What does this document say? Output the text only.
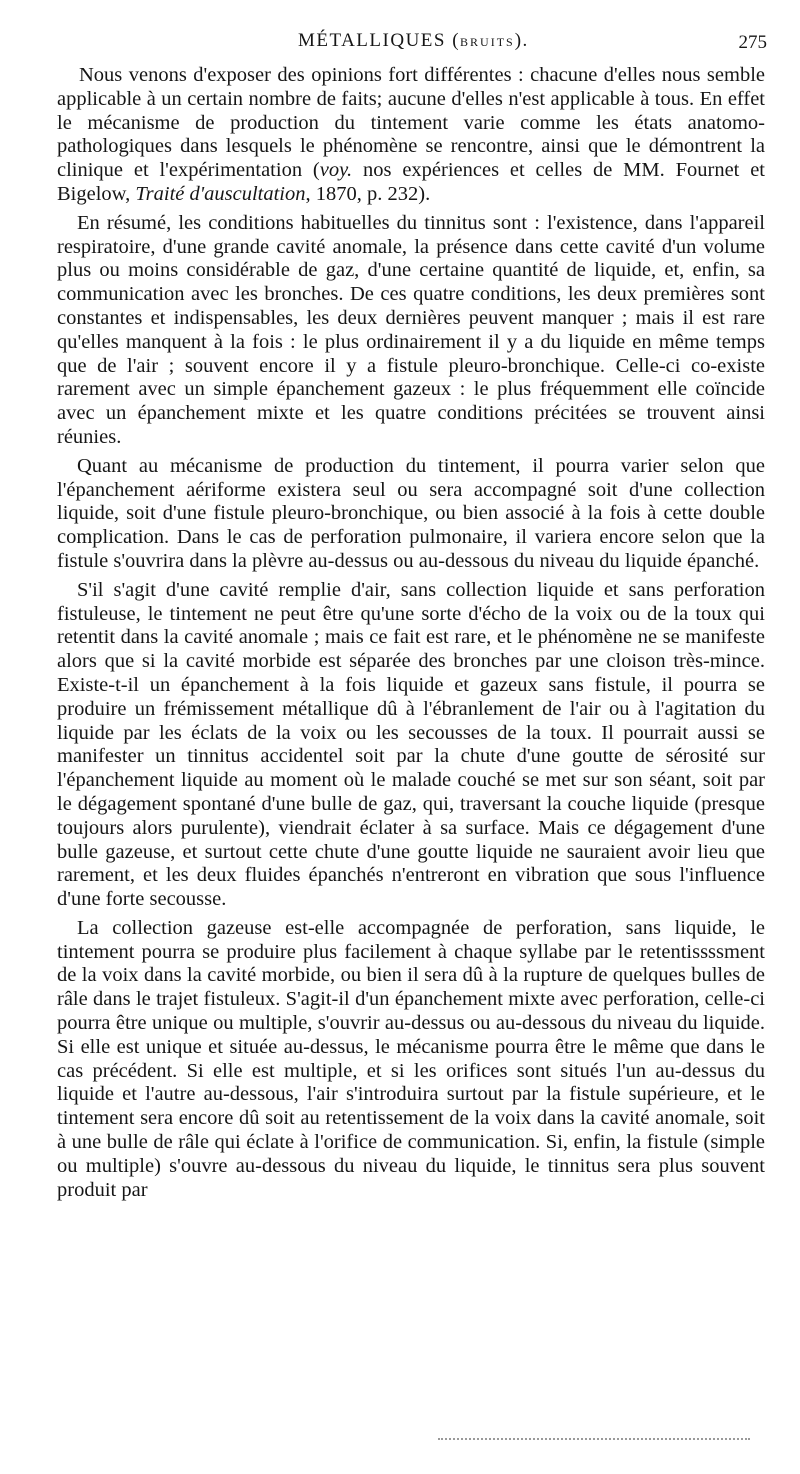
MÉTALLIQUES (BRUITS).	275

Nous venons d'exposer des opinions fort différentes : chacune d'elles nous semble applicable à un certain nombre de faits; aucune d'elles n'est applicable à tous. En effet le mécanisme de production du tintement varie comme les états anatomo-pathologiques dans lesquels le phénomène se rencontre, ainsi que le démontrent la clinique et l'expérimentation (voy. nos expériences et celles de MM. Fournet et Bigelow, Traité d'auscultation, 1870, p. 232).

En résumé, les conditions habituelles du tinnitus sont : l'existence, dans l'appareil respiratoire, d'une grande cavité anomale, la présence dans cette cavité d'un volume plus ou moins considérable de gaz, d'une certaine quantité de liquide, et, enfin, sa communication avec les bronches. De ces quatre conditions, les deux premières sont constantes et indispensables, les deux dernières peuvent manquer ; mais il est rare qu'elles manquent à la fois : le plus ordinairement il y a du liquide en même temps que de l'air ; souvent encore il y a fistule pleuro-bronchique. Celle-ci co-existe rarement avec un simple épanchement gazeux : le plus fréquemment elle coïncide avec un épanchement mixte et les quatre conditions précitées se trouvent ainsi réunies.

Quant au mécanisme de production du tintement, il pourra varier selon que l'épanchement aériforme existera seul ou sera accompagné soit d'une collection liquide, soit d'une fistule pleuro-bronchique, ou bien associé à la fois à cette double complication. Dans le cas de perforation pulmonaire, il variera encore selon que la fistule s'ouvrira dans la plèvre au-dessus ou au-dessous du niveau du liquide épanché.

S'il s'agit d'une cavité remplie d'air, sans collection liquide et sans perforation fistuleuse, le tintement ne peut être qu'une sorte d'écho de la voix ou de la toux qui retentit dans la cavité anomale ; mais ce fait est rare, et le phénomène ne se manifeste alors que si la cavité morbide est séparée des bronches par une cloison très-mince. Existe-t-il un épanchement à la fois liquide et gazeux sans fistule, il pourra se produire un frémissement métallique dû à l'ébranlement de l'air ou à l'agitation du liquide par les éclats de la voix ou les secousses de la toux. Il pourrait aussi se manifester un tinnitus accidentel soit par la chute d'une goutte de sérosité sur l'épanchement liquide au moment où le malade couché se met sur son séant, soit par le dégagement spontané d'une bulle de gaz, qui, traversant la couche liquide (presque toujours alors purulente), viendrait éclater à sa surface. Mais ce dégagement d'une bulle gazeuse, et surtout cette chute d'une goutte liquide ne sauraient avoir lieu que rarement, et les deux fluides épanchés n'entreront en vibration que sous l'influence d'une forte secousse.

La collection gazeuse est-elle accompagnée de perforation, sans liquide, le tintement pourra se produire plus facilement à chaque syllabe par le retentissssment de la voix dans la cavité morbide, ou bien il sera dû à la rupture de quelques bulles de râle dans le trajet fistuleux. S'agit-il d'un épanchement mixte avec perforation, celle-ci pourra être unique ou multiple, s'ouvrir au-dessus ou au-dessous du niveau du liquide. Si elle est unique et située au-dessus, le mécanisme pourra être le même que dans le cas précédent. Si elle est multiple, et si les orifices sont situés l'un au-dessus du liquide et l'autre au-dessous, l'air s'introduira surtout par la fistule supérieure, et le tintement sera encore dû soit au retentissement de la voix dans la cavité anomale, soit à une bulle de râle qui éclate à l'orifice de communication. Si, enfin, la fistule (simple ou multiple) s'ouvre au-dessous du niveau du liquide, le tinnitus sera plus souvent produit par
